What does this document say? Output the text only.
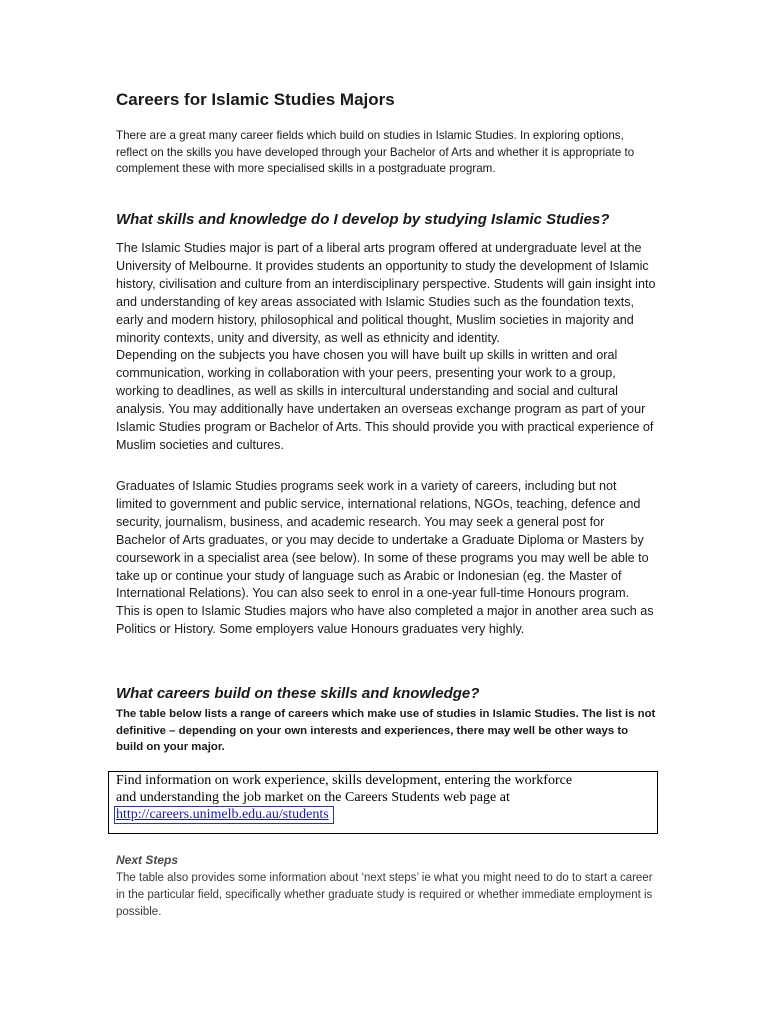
Careers for Islamic Studies Majors

There are a great many career fields which build on studies in Islamic Studies. In exploring options, reflect on the skills you have developed through your Bachelor of Arts and whether it is appropriate to complement these with more specialised skills in a postgraduate program.

What skills and knowledge do I develop by studying Islamic Studies?
The Islamic Studies major is part of a liberal arts program offered at undergraduate level at the University of Melbourne. It provides students an opportunity to study the development of Islamic history, civilisation and culture from an interdisciplinary perspective. Students will gain insight into and understanding of key areas associated with Islamic Studies such as the foundation texts, early and modern history, philosophical and political thought, Muslim societies in majority and minority contexts, unity and diversity, as well as ethnicity and identity.
Depending on the subjects you have chosen you will have built up skills in written and oral communication, working in collaboration with your peers, presenting your work to a group, working to deadlines, as well as skills in intercultural understanding and social and cultural analysis. You may additionally have undertaken an overseas exchange program as part of your Islamic Studies program or Bachelor of Arts. This should provide you with practical experience of Muslim societies and cultures.

Graduates of Islamic Studies programs seek work in a variety of careers, including but not limited to government and public service, international relations, NGOs, teaching, defence and security, journalism, business, and academic research. You may seek a general post for Bachelor of Arts graduates, or you may decide to undertake a Graduate Diploma or Masters by coursework in a specialist area (see below). In some of these programs you may well be able to take up or continue your study of language such as Arabic or Indonesian (eg. the Master of International Relations). You can also seek to enrol in a one-year full-time Honours program. This is open to Islamic Studies majors who have also completed a major in another area such as Politics or History. Some employers value Honours graduates very highly.

What careers build on these skills and knowledge?

The table below lists a range of careers which make use of studies in Islamic Studies. The list is not definitive – depending on your own interests and experiences, there may well be other ways to build on your major.

Next Steps

The table also provides some information about ‘next steps’ ie what you might need to do to start a career in the particular field, specifically whether graduate study is required or whether immediate employment is possible.

Find information on work experience, skills development, entering the workforce
and understanding the job market on the Careers Students web page at
http://careers.unimelb.edu.au/students
